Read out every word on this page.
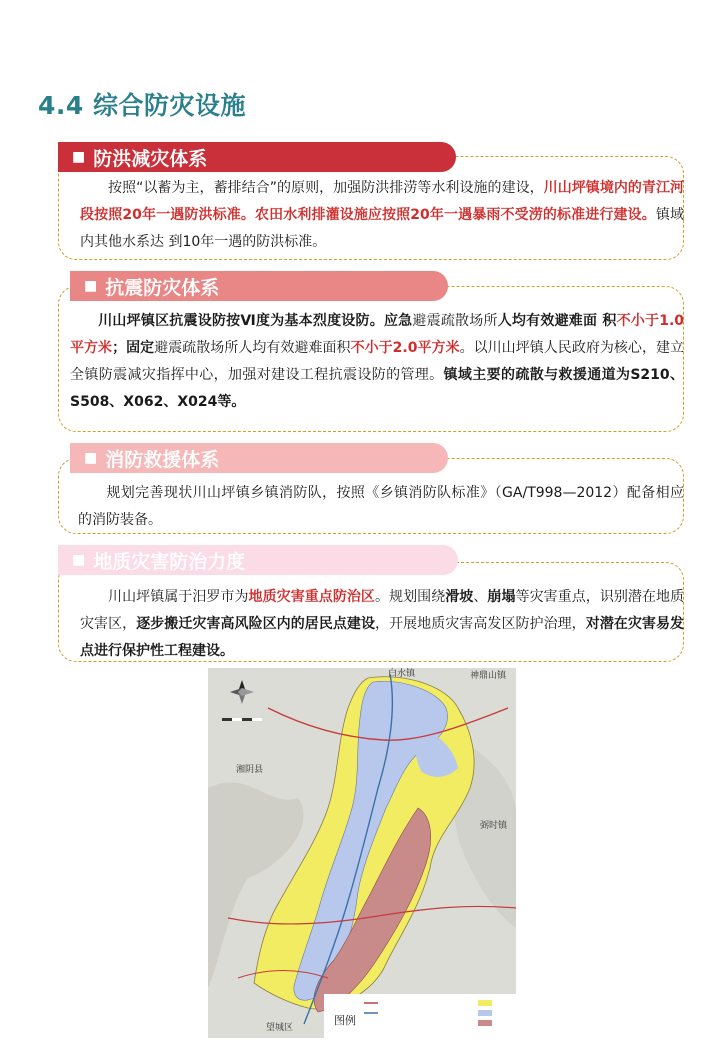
4.4 综合防灾设施
■ 防洪减灾体系
按照“以蓄为主，蓄排结合”的原则，加强防洪排涝等水利设施的建设，川山坪镇境内的青江河段按照20年一遇防洪标准。农田水利排灌设施应按照20年一遇暴雨不受涝的标准进行建设。镇域内其他水系达 到10年一遇的防洪标准。
■ 抗震防灾体系
川山坪镇区抗震设防按Ⅵ度为基本烈度设防。应急避震疏散场所人均有效避难面 积不小于1.0平方米；固定避震疏散场所人均有效避难面积不小于2.0平方米。以川山坪镇人民政府为核心，建立全镇防震减灾指挥中心，加强对建设工程抗震设防的管理。镇域主要的疏散与救援通道为S210、S508、X062、X024等。
■ 消防救援体系
规划完善现状川山坪镇乡镇消防队，按照《乡镇消防队标准》（GA/T998—2012）配备相应的消防装备。
■ 地质灾害防治力度
川山坪镇属于汨罗市为地质灾害重点防治区。规划围绕滑坡、崩塌等灾害重点，识别潜在地质灾害区，逐步搬迁灾害高风险区内的居民点建设，开展地质灾害高发区防护治理，对潜在灾害易发点进行保护性工程建设。
白水镇	神鼎山镇
湘阴县
弼时镇
望城区
图例
